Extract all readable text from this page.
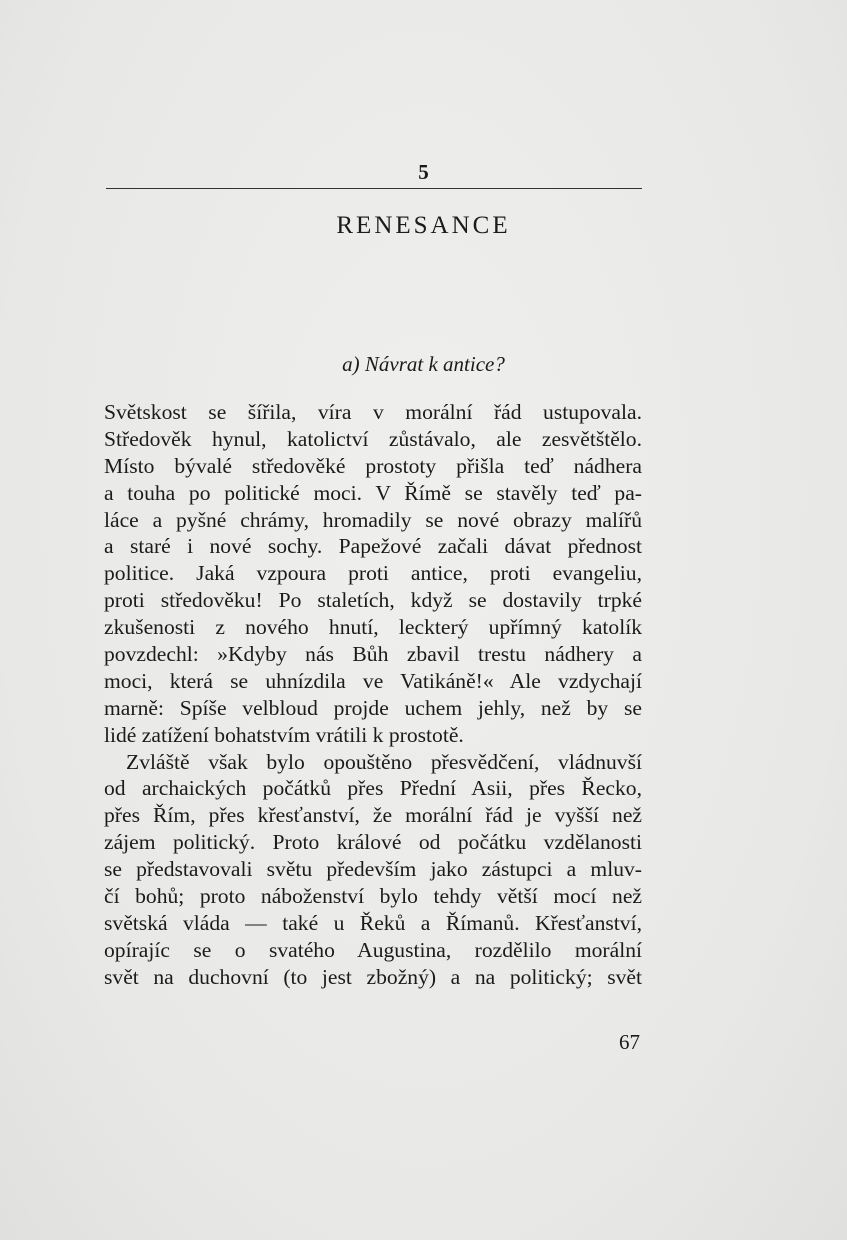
5
RENESANCE
a) Návrat k antice?
Světskost se šířila, víra v morální řád ustupovala.
Středověk hynul, katolictví zůstávalo, ale zesvětštělo.
Místo bývalé středověké prostoty přišla teď nádhera
a touha po politické moci. V Římě se stavěly teď pa-
láce a pyšné chrámy, hromadily se nové obrazy malířů
a staré i nové sochy. Papežové začali dávat přednost
politice. Jaká vzpoura proti antice, proti evangeliu,
proti středověku! Po staletích, když se dostavily trpké
zkušenosti z nového hnutí, leckterý upřímný katolík
povzdechl: »Kdyby nás Bůh zbavil trestu nádhery a
moci, která se uhnízdila ve Vatikáně!« Ale vzdychají
marně: Spíše velbloud projde uchem jehly, než by se
lidé zatížení bohatstvím vrátili k prostotě.
Zvláště však bylo opouštěno přesvědčení, vládnuvší
od archaických počátků přes Přední Asii, přes Řecko,
přes Řím, přes křesťanství, že morální řád je vyšší než
zájem politický. Proto králové od počátku vzdělanosti
se představovali světu především jako zástupci a mluv-
čí bohů; proto náboženství bylo tehdy větší mocí než
světská vláda — také u Řeků a Římanů. Křesťanství,
opírajíc se o svatého Augustina, rozdělilo morální
svět na duchovní (to jest zbožný) a na politický; svět
67
